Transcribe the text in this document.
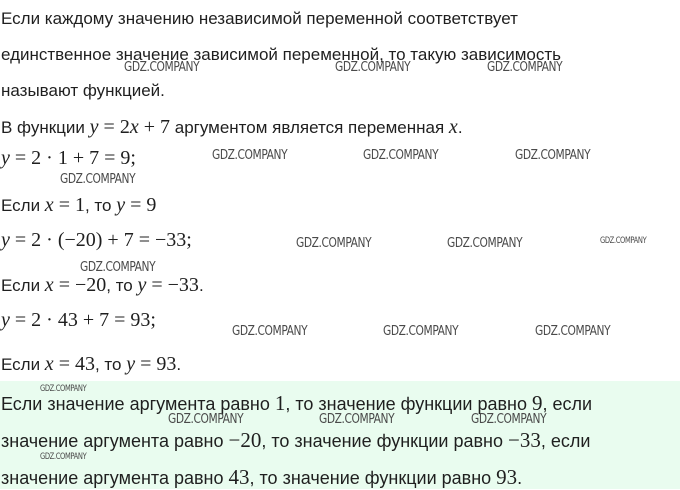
Если каждому значению независимой переменной соответствует
единственное значение зависимой переменной, то такую зависимость
называют функцией.
В функции y = 2x + 7 аргументом является переменная x.
y = 2 · 1 + 7 = 9;
Если x = 1, то y = 9
y = 2 · (−20) + 7 = −33;
Если x = −20, то y = −33.
y = 2 · 43 + 7 = 93;
Если x = 43, то y = 93.
Если значение аргумента равно 1, то значение функции равно 9, если
значение аргумента равно −20, то значение функции равно −33, если
значение аргумента равно 43, то значение функции равно 93.
GDZ.COMPANY	GDZ.COMPANY	GDZ.COMPANY
GDZ.COMPANY	GDZ.COMPANY	GDZ.COMPANY
GDZ.COMPANY
GDZ.COMPANY	GDZ.COMPANY	GDZ.COMPANY
GDZ.COMPANY
GDZ.COMPANY	GDZ.COMPANY	GDZ.COMPANY
GDZ.COMPANY
GDZ.COMPANY	GDZ.COMPANY	GDZ.COMPANY
GDZ.COMPANY
